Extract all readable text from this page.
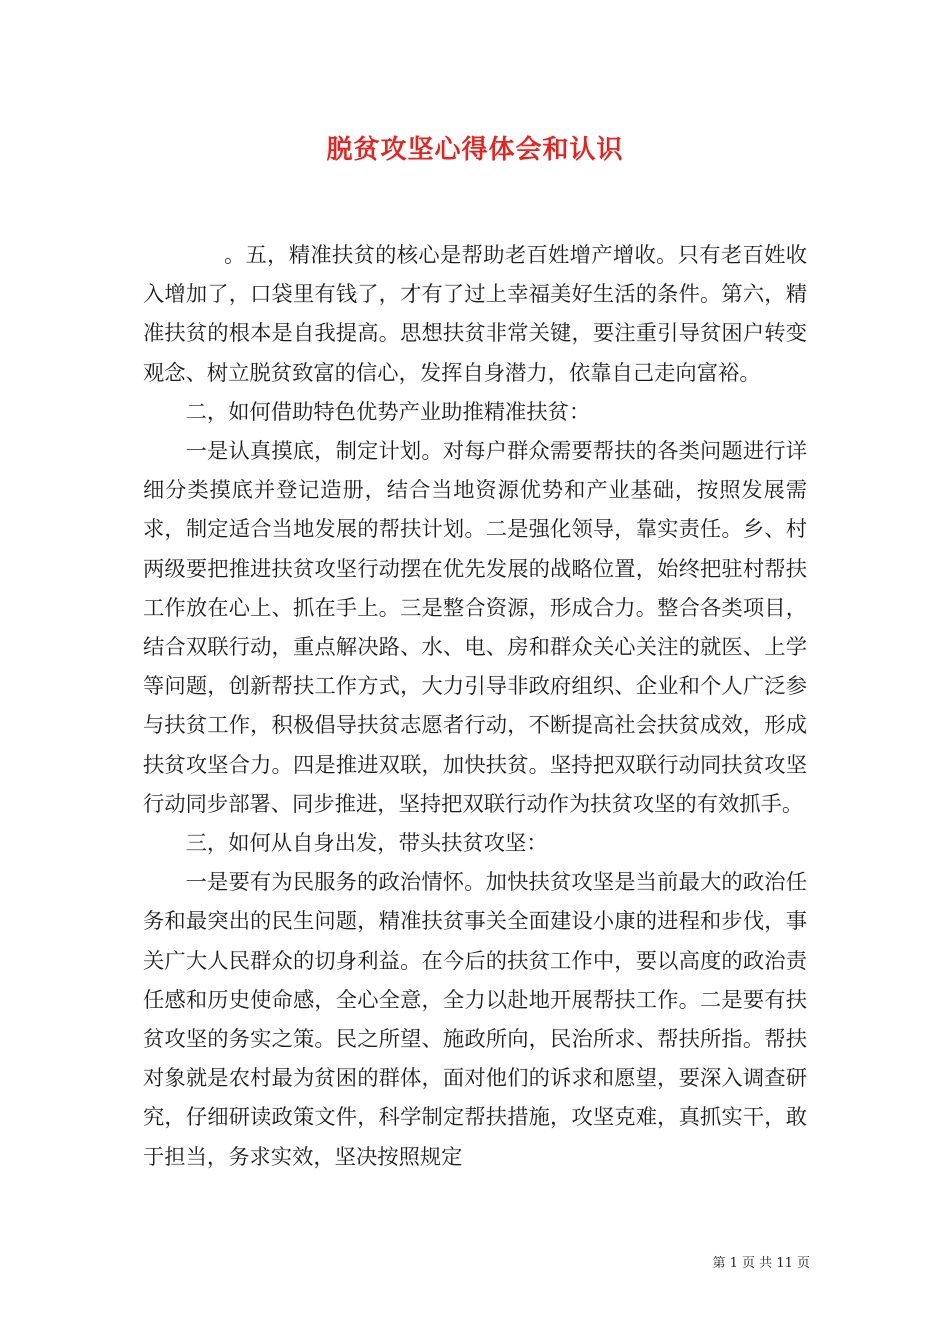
脱贫攻坚心得体会和认识

。五，精准扶贫的核心是帮助老百姓增产增收。只有老百姓收入增加了，口袋里有钱了，才有了过上幸福美好生活的条件。第六，精准扶贫的根本是自我提高。思想扶贫非常关键，要注重引导贫困户转变观念、树立脱贫致富的信心，发挥自身潜力，依靠自己走向富裕。

二，如何借助特色优势产业助推精准扶贫：

一是认真摸底，制定计划。对每户群众需要帮扶的各类问题进行详细分类摸底并登记造册，结合当地资源优势和产业基础，按照发展需求，制定适合当地发展的帮扶计划。二是强化领导，靠实责任。乡、村两级要把推进扶贫攻坚行动摆在优先发展的战略位置，始终把驻村帮扶工作放在心上、抓在手上。三是整合资源，形成合力。整合各类项目，结合双联行动，重点解决路、水、电、房和群众关心关注的就医、上学等问题，创新帮扶工作方式，大力引导非政府组织、企业和个人广泛参与扶贫工作，积极倡导扶贫志愿者行动，不断提高社会扶贫成效，形成扶贫攻坚合力。四是推进双联，加快扶贫。坚持把双联行动同扶贫攻坚行动同步部署、同步推进，坚持把双联行动作为扶贫攻坚的有效抓手。

三，如何从自身出发，带头扶贫攻坚：

一是要有为民服务的政治情怀。加快扶贫攻坚是当前最大的政治任务和最突出的民生问题，精准扶贫事关全面建设小康的进程和步伐，事关广大人民群众的切身利益。在今后的扶贫工作中，要以高度的政治责任感和历史使命感，全心全意，全力以赴地开展帮扶工作。二是要有扶贫攻坚的务实之策。民之所望、施政所向，民治所求、帮扶所指。帮扶对象就是农村最为贫困的群体，面对他们的诉求和愿望，要深入调查研究，仔细研读政策文件，科学制定帮扶措施，攻坚克难，真抓实干，敢于担当，务求实效，坚决按照规定

第 1 页 共 11 页
